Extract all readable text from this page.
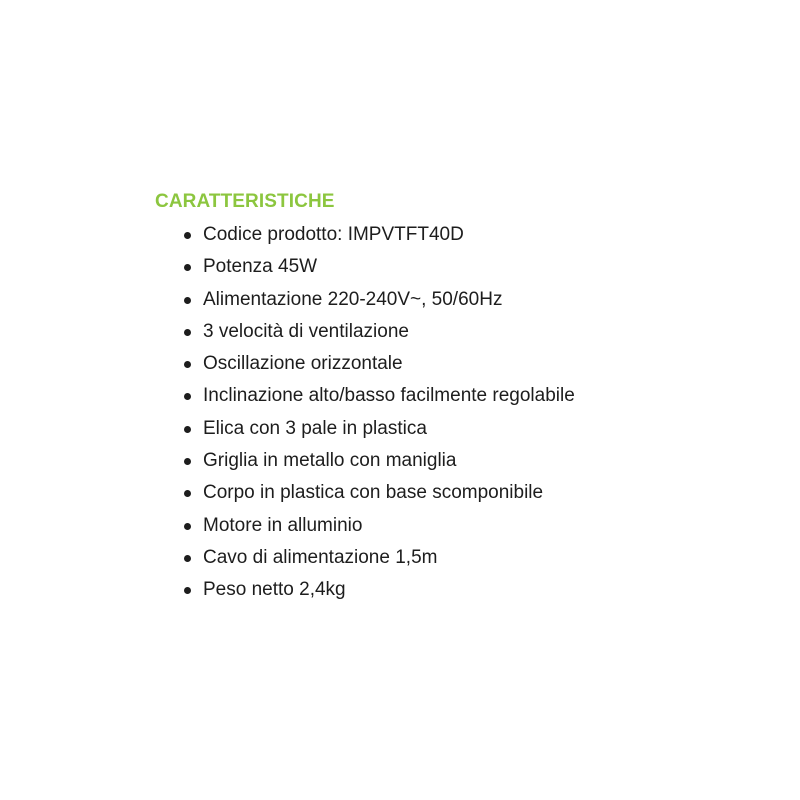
CARATTERISTICHE
Codice prodotto: IMPVTFT40D
Potenza 45W
Alimentazione 220-240V~, 50/60Hz
3 velocità di ventilazione
Oscillazione orizzontale
Inclinazione alto/basso facilmente regolabile
Elica con 3 pale in plastica
Griglia in metallo con maniglia
Corpo in plastica con base scomponibile
Motore in alluminio
Cavo di alimentazione 1,5m
Peso netto 2,4kg
